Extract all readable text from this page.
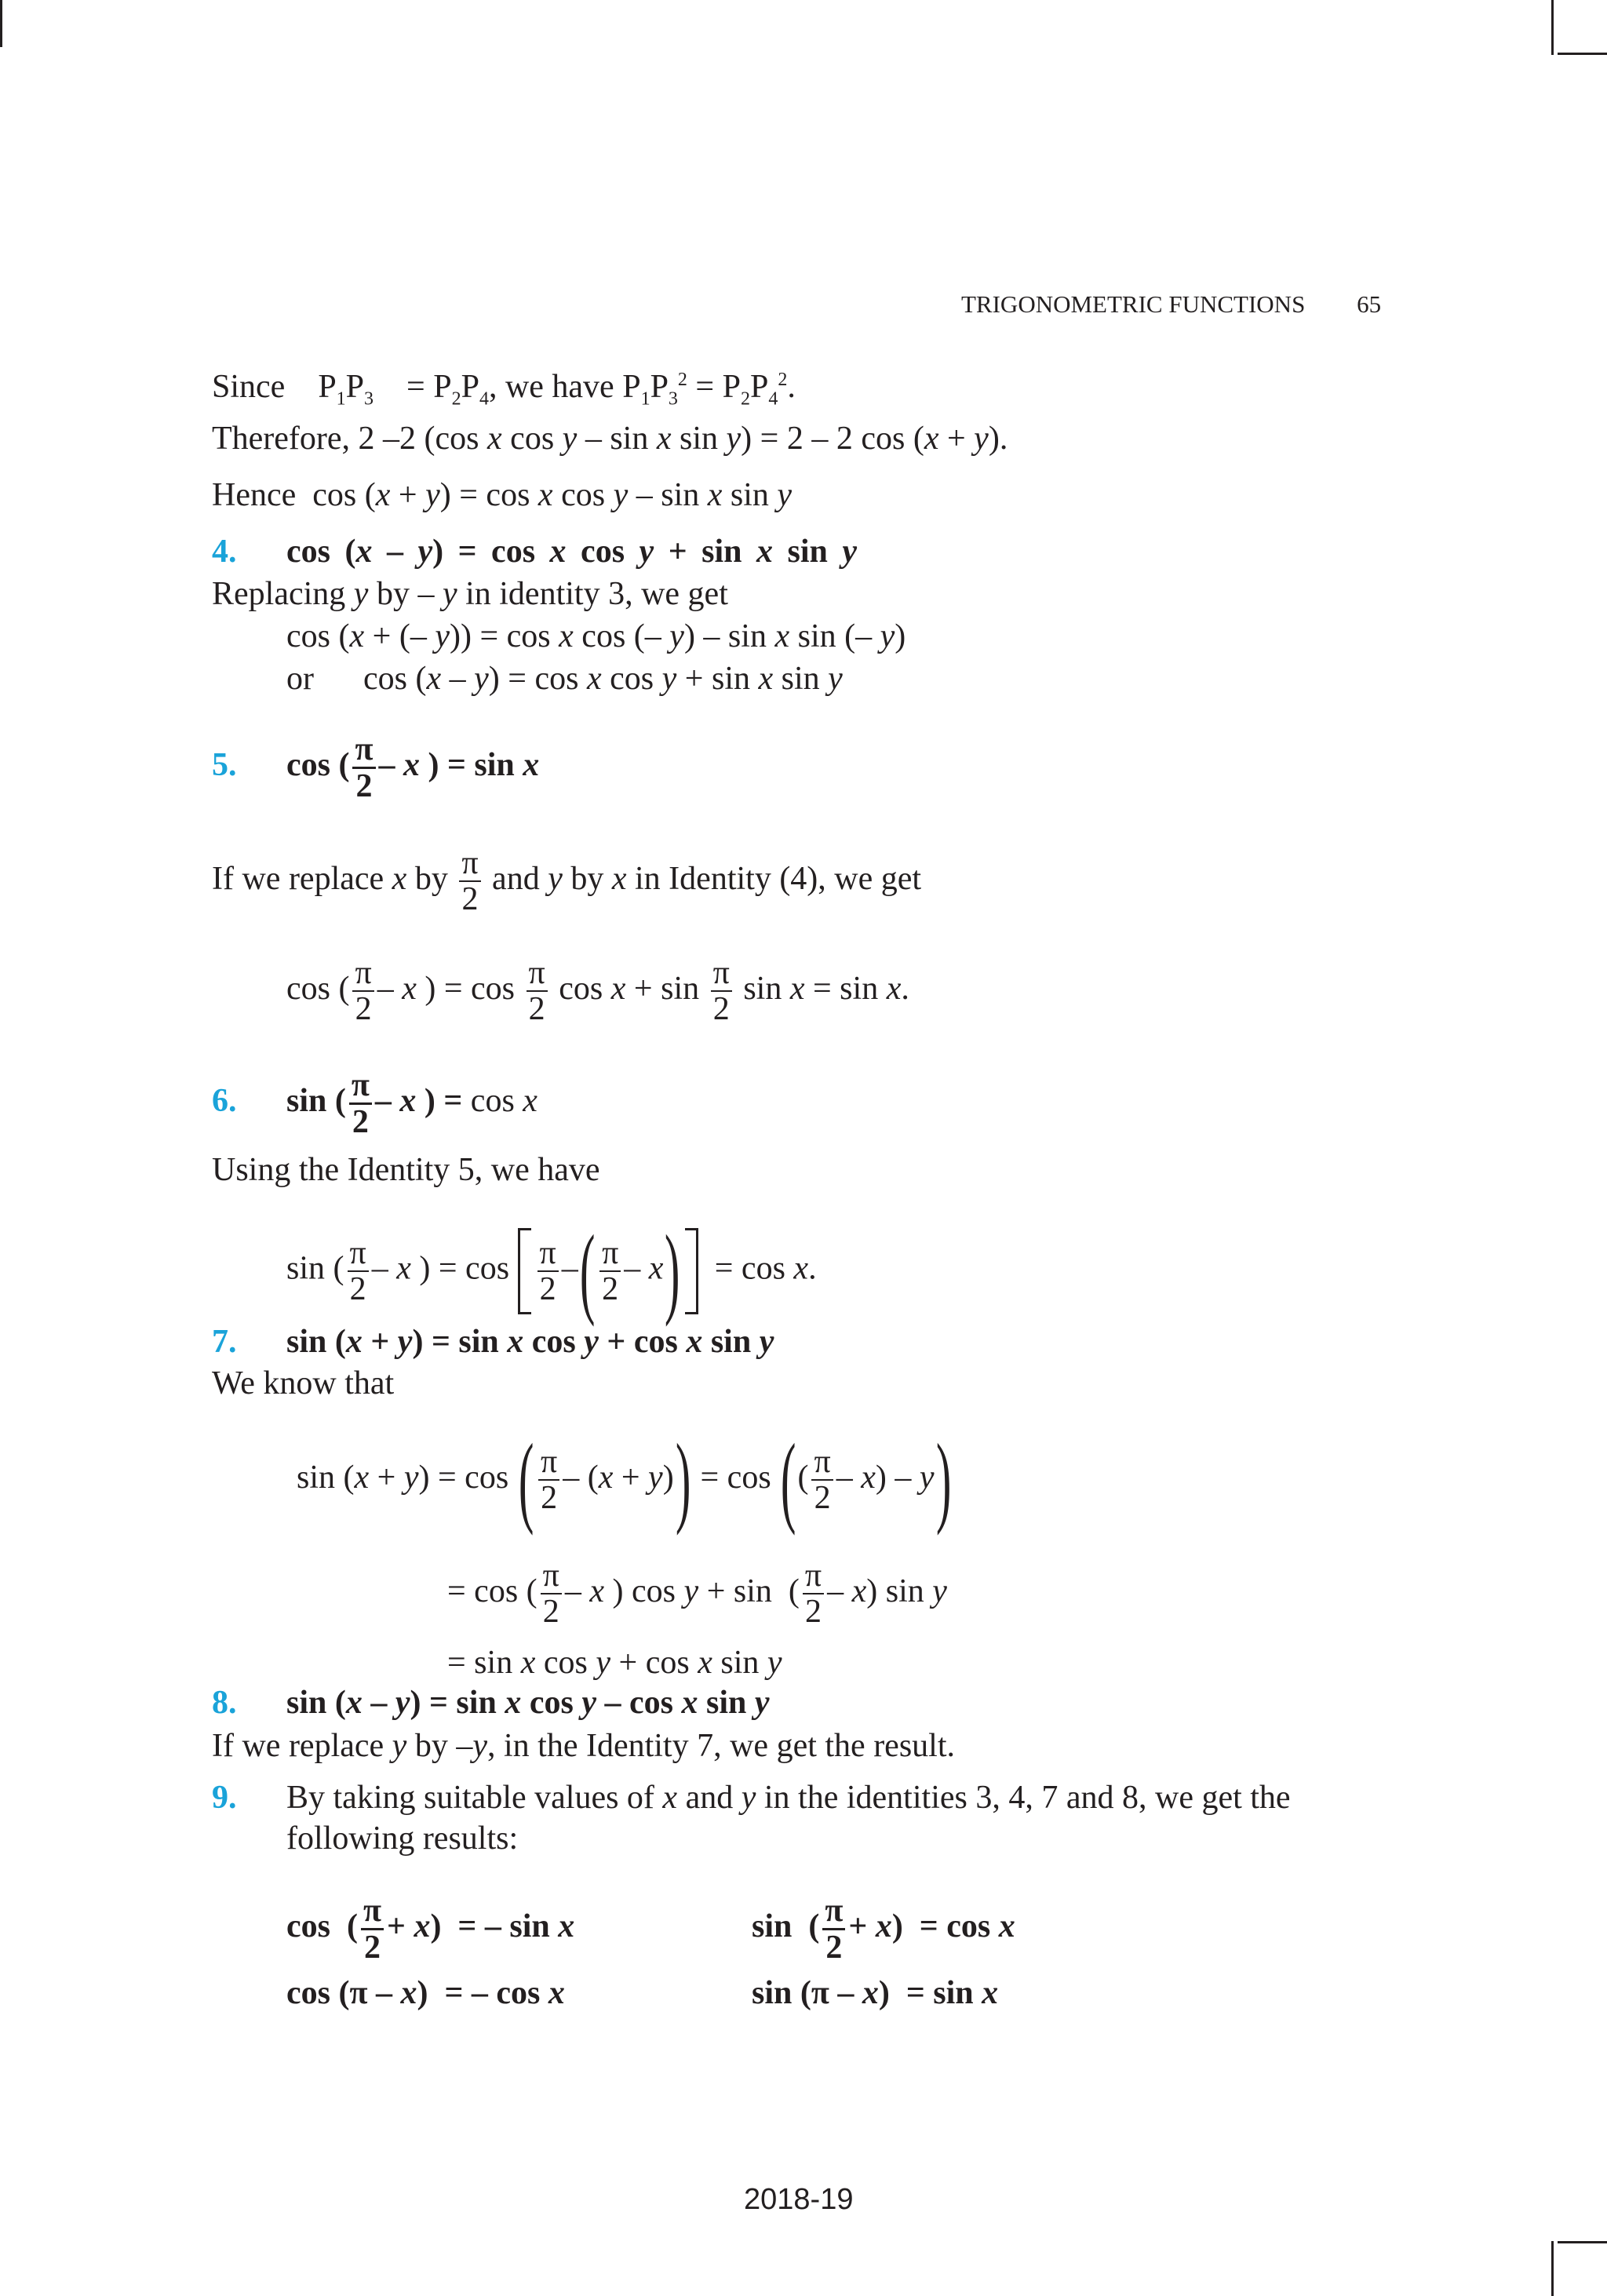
TRIGONOMETRIC FUNCTIONS 65
Since    $P_1P_3$    = $P_2P_4$, we have $P_1P_3^2 = P_2P_4^2$.
Therefore, 2 –2 (cos x cos y – sin x sin y) = 2 – 2 cos (x + y).
Hence  cos (x + y) = cos x cos y – sin x sin y
4. cos (x – y) = cos x cos y + sin x sin y
Replacing y by – y in identity 3, we get
cos (x + (– y)) = cos x cos (– y) – sin x sin (– y)
or      cos (x – y) = cos x cos y + sin x sin y
5. cos ( $\frac{\pi}{2}$ – x ) = sin x
If we replace x by $\frac{\pi}{2}$ and y by x in Identity (4), we get
cos ( $\frac{\pi}{2}$ – x ) = $\cos \frac{\pi}{2}$ $\cos x + \sin \frac{\pi}{2}$ sin x = sin x.
6. sin ( $\frac{\pi}{2}$ – x ) = cos x
Using the Identity 5, we have
sin ( $\frac{\pi}{2}$ – x ) = $\cos \frac{\pi}{2}$ –( $\frac{\pi}{2} - x) = \cos x$.
7. sin (x + y) = sin x cos y + cos x sin y
We know that
sin (x + y) = cos ( $\frac{\pi}{2} - (x + y)) = \cos$ (( $\frac{\pi}{2} - x) - y$)
= cos ( $\frac{\pi}{2}$ – x ) cos y + sin  ( $\frac{\pi}{2} - x$) sin y
= sin x cos y + cos x sin y
8. sin (x – y) = sin x cos y – cos x sin y
If we replace y by –y, in the Identity 7, we get the result.
9. By taking suitable values of x and y in the identities 3, 4, 7 and 8, we get the
following results:
cos  ( $\frac{\pi}{2} + x$)  = – sin x	sin  ( $\frac{\pi}{2} + x) = \cos x$
cos (π – x)  = – cos x	sin (π – x)  = sin x
2018-19
